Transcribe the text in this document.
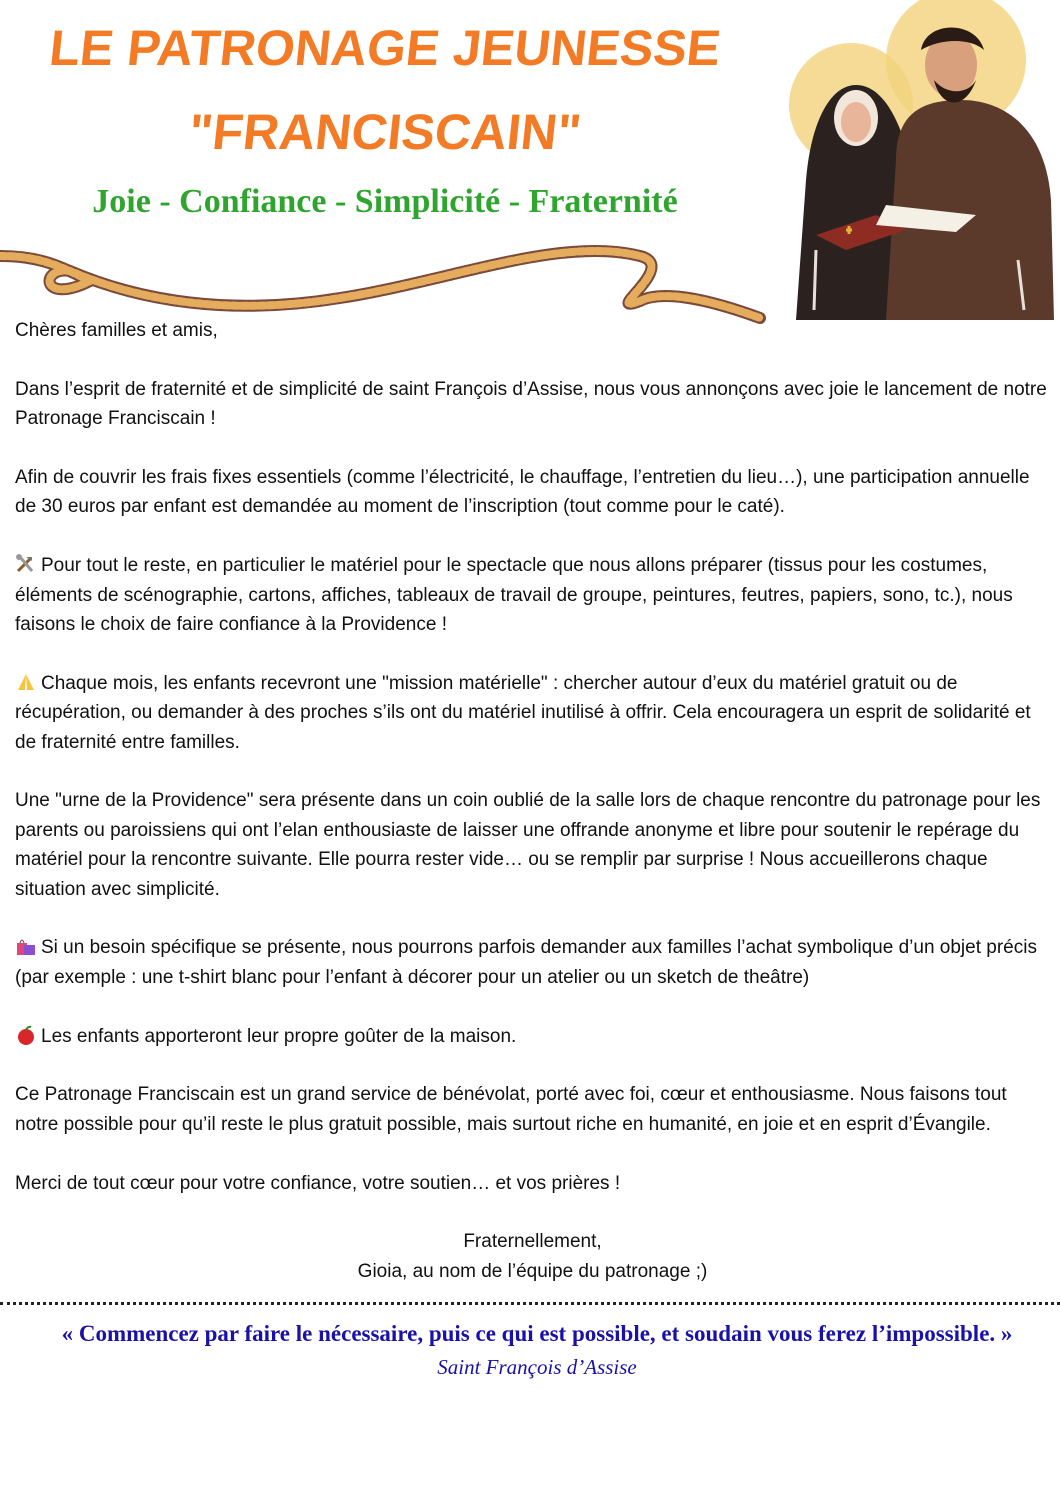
LE PATRONAGE JEUNESSE
"FRANCISCAIN"
Joie - Confiance - Simplicité - Fraternité

Chères familles et amis,

Dans l’esprit de fraternité et de simplicité de saint François d’Assise, nous vous annonçons avec joie le lancement de notre Patronage Franciscain !

Afin de couvrir les frais fixes essentiels (comme l’électricité, le chauffage, l’entretien du lieu…), une participation annuelle de 30 euros par enfant est demandée au moment de l’inscription (tout comme pour le caté).

Pour tout le reste, en particulier le matériel pour le spectacle que nous allons préparer (tissus pour les costumes, éléments de scénographie, cartons, affiches, tableaux de travail de groupe, peintures, feutres, papiers, sono, tc.), nous faisons le choix de faire confiance à la Providence !

Chaque mois, les enfants recevront une "mission matérielle" : chercher autour d’eux du matériel gratuit ou de récupération, ou demander à des proches s’ils ont du matériel inutilisé à offrir. Cela encouragera un esprit de solidarité et de fraternité entre familles.

Une "urne de la Providence" sera présente dans un coin oublié de la salle lors de chaque rencontre du patronage pour les parents ou paroissiens qui ont l’elan enthousiaste de laisser une offrande anonyme et libre pour soutenir le repérage du matériel pour la rencontre suivante. Elle pourra rester vide… ou se remplir par surprise ! Nous accueillerons chaque situation avec simplicité.

Si un besoin spécifique se présente, nous pourrons parfois demander aux familles l’achat symbolique d’un objet précis (par exemple : une t-shirt blanc pour l’enfant à décorer pour un atelier ou un sketch de theâtre)

Les enfants apporteront leur propre goûter de la maison.

Ce Patronage Franciscain est un grand service de bénévolat, porté avec foi, cœur et enthousiasme. Nous faisons tout notre possible pour qu’il reste le plus gratuit possible, mais surtout riche en humanité, en joie et en esprit d’Évangile.

Merci de tout cœur pour votre confiance, votre soutien… et vos prières !

Fraternellement,

Gioia, au nom de l’équipe du patronage ;)

« Commencez par faire le nécessaire, puis ce qui est possible, et soudain vous ferez l’impossible. »
Saint François d’Assise
